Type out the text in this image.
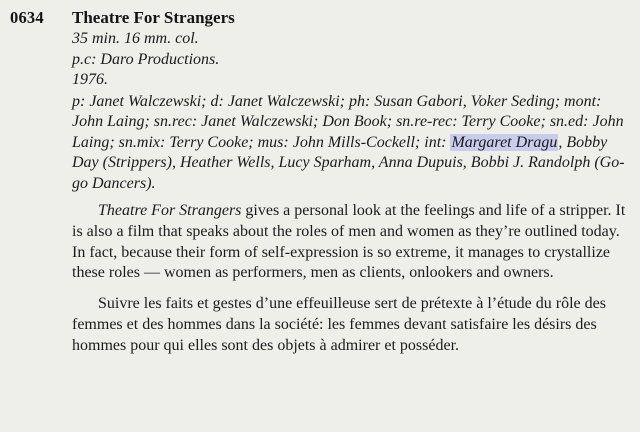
0634	Theatre For Strangers
35 min. 16 mm. col.
p.c: Daro Productions.
1976.
p: Janet Walczewski; d: Janet Walczewski; ph: Susan Gabori, Voker Seding; mont: John Laing; sn.rec: Janet Walczewski; Don Book; sn.re-rec: Terry Cooke; sn.ed: John Laing; sn.mix: Terry Cooke; mus: John Mills-Cockell; int: Margaret Dragu, Bobby Day (Strippers), Heather Wells, Lucy Sparham, Anna Dupuis, Bobbi J. Randolph (Go-go Dancers).
Theatre For Strangers gives a personal look at the feelings and life of a stripper. It is also a film that speaks about the roles of men and women as they’re outlined today. In fact, because their form of self-expression is so extreme, it manages to crystallize these roles — women as performers, men as clients, onlookers and owners.
Suivre les faits et gestes d’une effeuilleuse sert de prétexte à l’étude du rôle des femmes et des hommes dans la société: les femmes devant satisfaire les désirs des hommes pour qui elles sont des objets à admirer et posséder.
